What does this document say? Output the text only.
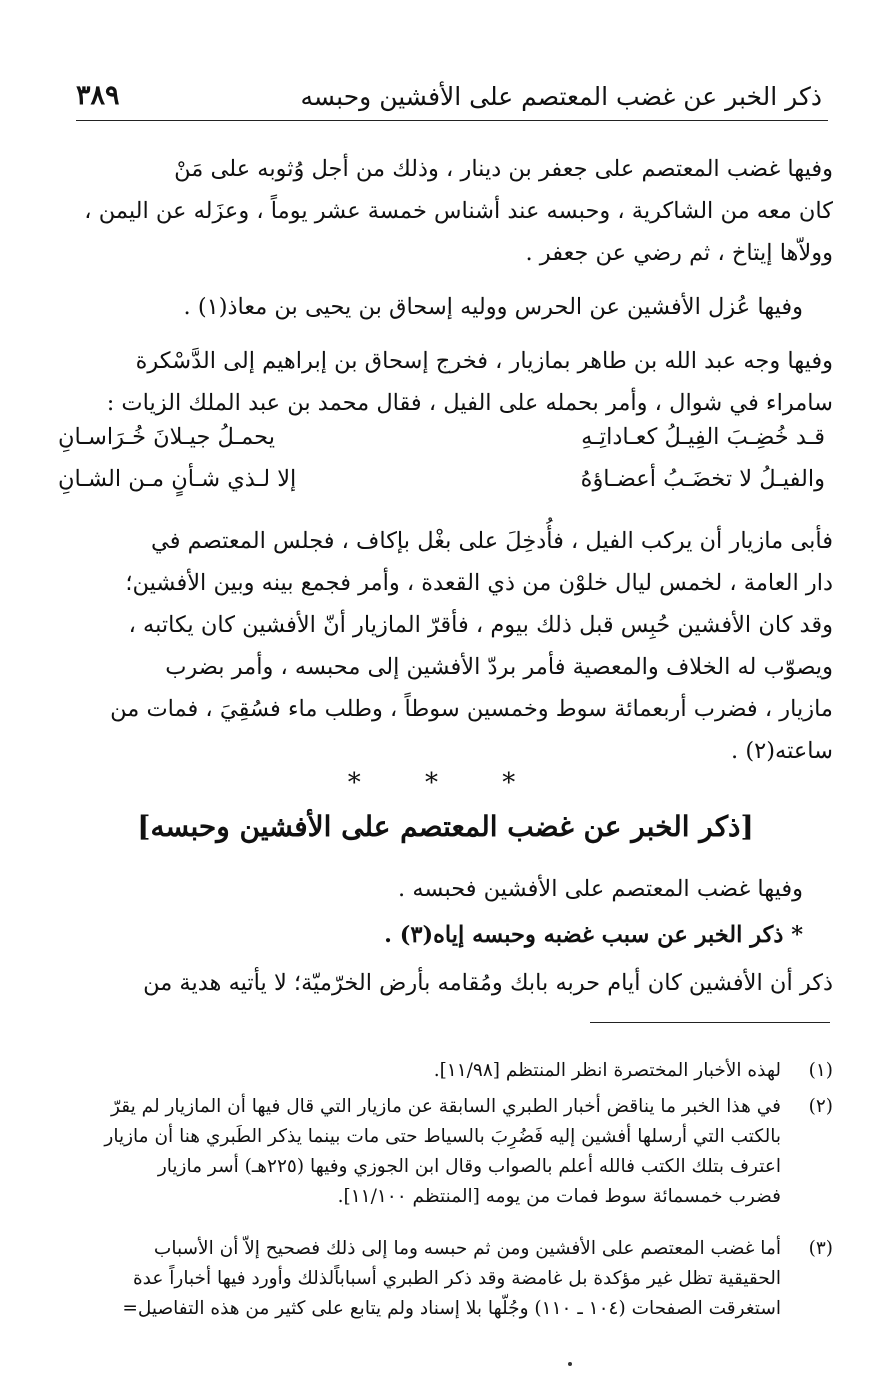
ذكر الخبر عن غضب المعتصم على الأفشين وحبسه
٣٨٩
وفيها غضب المعتصم على جعفر بن دينار ، وذلك من أجل وُثوبه على مَنْ
كان معه من الشاكرية ، وحبسه عند أشناس خمسة عشر يوماً ، وعزَله عن اليمن ،
وولاّها إيتاخ ، ثم رضي عن جعفر .
وفيها عُزل الأفشين عن الحرس ووليه إسحاق بن يحيى بن معاذ(١) .
وفيها وجه عبد الله بن طاهر بمازيار ، فخرج إسحاق بن إبراهيم إلى الدَّسْكرة
سامراء في شوال ، وأمر بحمله على الفيل ، فقال محمد بن عبد الملك الزيات :
قـد خُضِـبَ الفِيـلُ كعـاداتِـهِ
يحمـلُ جيـلانَ خُـرَاسـانِ
والفيـلُ لا تخضَـبُ أعضـاؤهُ
إلا لـذي شـأنٍ مـن الشـانِ
فأبى مازيار أن يركب الفيل ، فأُدخِلَ على بغْل بإكاف ، فجلس المعتصم في
دار العامة ، لخمس ليال خلوْن من ذي القعدة ، وأمر فجمع بينه وبين الأفشين؛
وقد كان الأفشين حُبِس قبل ذلك بيوم ، فأقرّ المازيار أنّ الأفشين كان يكاتبه ،
ويصوّب له الخلاف والمعصية فأمر بردّ الأفشين إلى محبسه ، وأمر بضرب
مازيار ، فضرب أربعمائة سوط وخمسين سوطاً ، وطلب ماء فسُقِيَ ، فمات من
ساعته(٢) .
* * *
[ذكر الخبر عن غضب المعتصم على الأفشين وحبسه]
وفيها غضب المعتصم على الأفشين فحبسه .
* ذكر الخبر عن سبب غضبه وحبسه إياه(٣) .
ذكر أن الأفشين كان أيام حربه بابك ومُقامه بأرض الخرّميّة؛ لا يأتيه هدية من
(١)
لهذه الأخبار المختصرة انظر المنتظم [١١/٩٨].
(٢)
في هذا الخبر ما يناقض أخبار الطبري السابقة عن مازيار التي قال فيها أن المازيار لم يقرّ
بالكتب التي أرسلها أفشين إليه فَضُرِبَ بالسياط حتى مات بينما يذكر الطَبري هنا أن مازيار
اعترف بتلك الكتب فالله أعلم بالصواب وقال ابن الجوزي وفيها (٢٢٥هـ) أسر مازيار
فضرب خمسمائة سوط فمات من يومه [المنتظم ١١/١٠٠].
(٣)
أما غضب المعتصم على الأفشين ومن ثم حبسه وما إلى ذلك فصحيح إلاّ أن الأسباب
الحقيقية تظل غير مؤكدة بل غامضة وقد ذكر الطبري أسباباًلذلك وأورد فيها أخباراً عدة
استغرقت الصفحات (١٠٤ ـ ١١٠) وجُلّها بلا إسناد ولم يتابع على كثير من هذه التفاصيل=
